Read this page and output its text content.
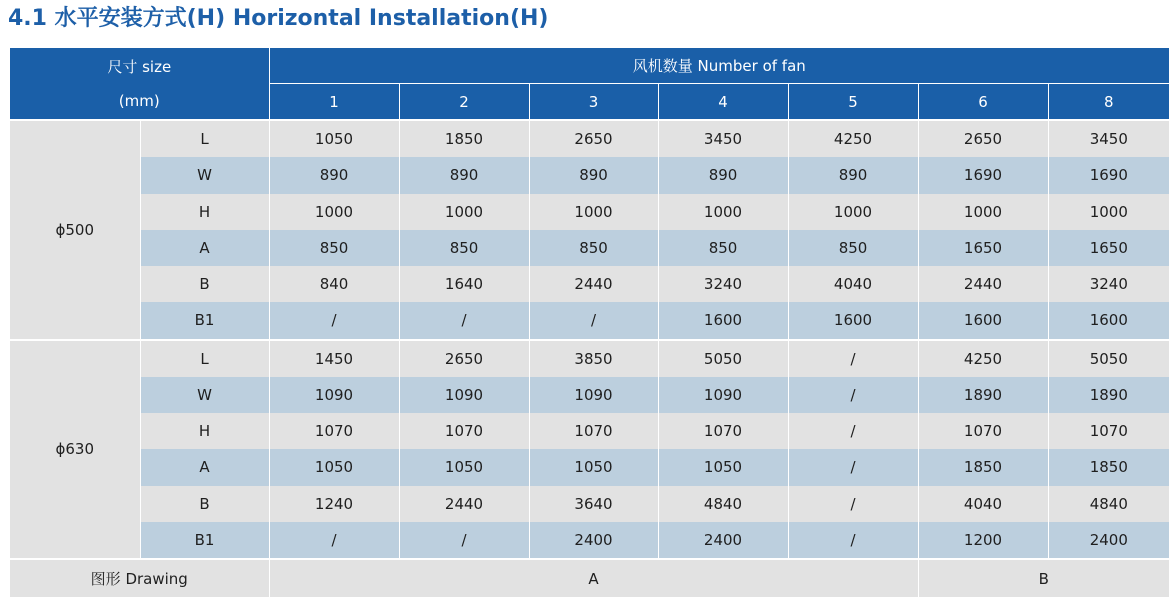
4.1 水平安装方式(H) Horizontal Installation(H)
尺寸 size
(mm)		风机数量 Number of fan						
		1	2	3	4	5	6	8
ϕ500	L	1050	1850	2650	3450	4250	2650	3450
	W	890	890	890	890	890	1690	1690
	H	1000	1000	1000	1000	1000	1000	1000
	A	850	850	850	850	850	1650	1650
	B	840	1640	2440	3240	4040	2440	3240
	B1	/	/	/	1600	1600	1600	1600
ϕ630	L	1450	2650	3850	5050	/	4250	5050
	W	1090	1090	1090	1090	/	1890	1890
	H	1070	1070	1070	1070	/	1070	1070
	A	1050	1050	1050	1050	/	1850	1850
	B	1240	2440	3640	4840	/	4040	4840
	B1	/	/	2400	2400	/	1200	2400
图形 Drawing		A					B	
